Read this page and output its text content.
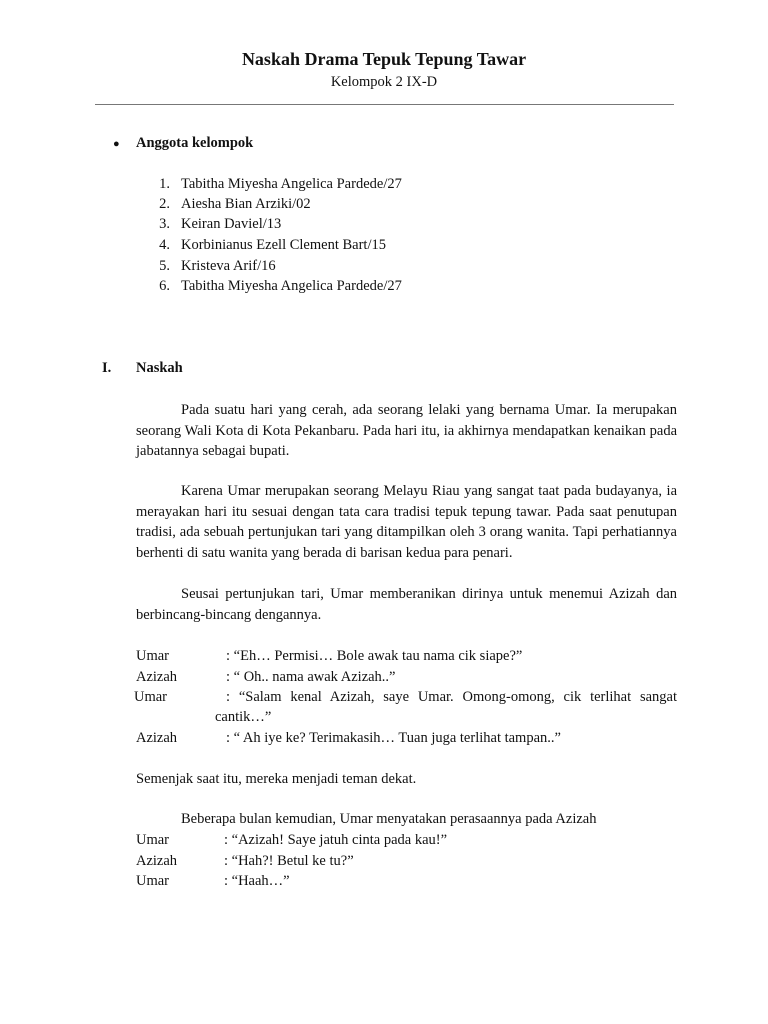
Naskah Drama Tepuk Tepung Tawar
Kelompok 2 IX-D
● Anggota kelompok
1. Tabitha Miyesha Angelica Pardede/27
2. Aiesha Bian Arziki/02
3. Keiran Daviel/13
4. Korbinianus Ezell Clement Bart/15
5. Kristeva Arif/16
6. Tabitha Miyesha Angelica Pardede/27
I. Naskah
Pada suatu hari yang cerah, ada seorang lelaki yang bernama Umar. Ia merupakan seorang Wali Kota di Kota Pekanbaru. Pada hari itu, ia akhirnya mendapatkan kenaikan pada jabatannya sebagai bupati.
Karena Umar merupakan seorang Melayu Riau yang sangat taat pada budayanya, ia merayakan hari itu sesuai dengan tata cara tradisi tepuk tepung tawar. Pada saat penutupan tradisi, ada sebuah pertunjukan tari yang ditampilkan oleh 3 orang wanita. Tapi perhatiannya berhenti di satu wanita yang berada di barisan kedua para penari.
Seusai pertunjukan tari, Umar memberanikan dirinya untuk menemui Azizah dan berbincang-bincang dengannya.
Umar	: “Eh… Permisi… Bole awak tau nama cik siape?”
Azizah	: “ Oh.. nama awak Azizah..”
Umar	: “Salam kenal Azizah, saye Umar. Omong-omong, cik terlihat sangat
cantik…”
Azizah	: “ Ah iye ke? Terimakasih… Tuan juga terlihat tampan..”
Semenjak saat itu, mereka menjadi teman dekat.
Beberapa bulan kemudian, Umar menyatakan perasaannya pada Azizah
Umar	: “Azizah! Saye jatuh cinta pada kau!”
Azizah	: “Hah?! Betul ke tu?”
Umar	: “Haah…”
